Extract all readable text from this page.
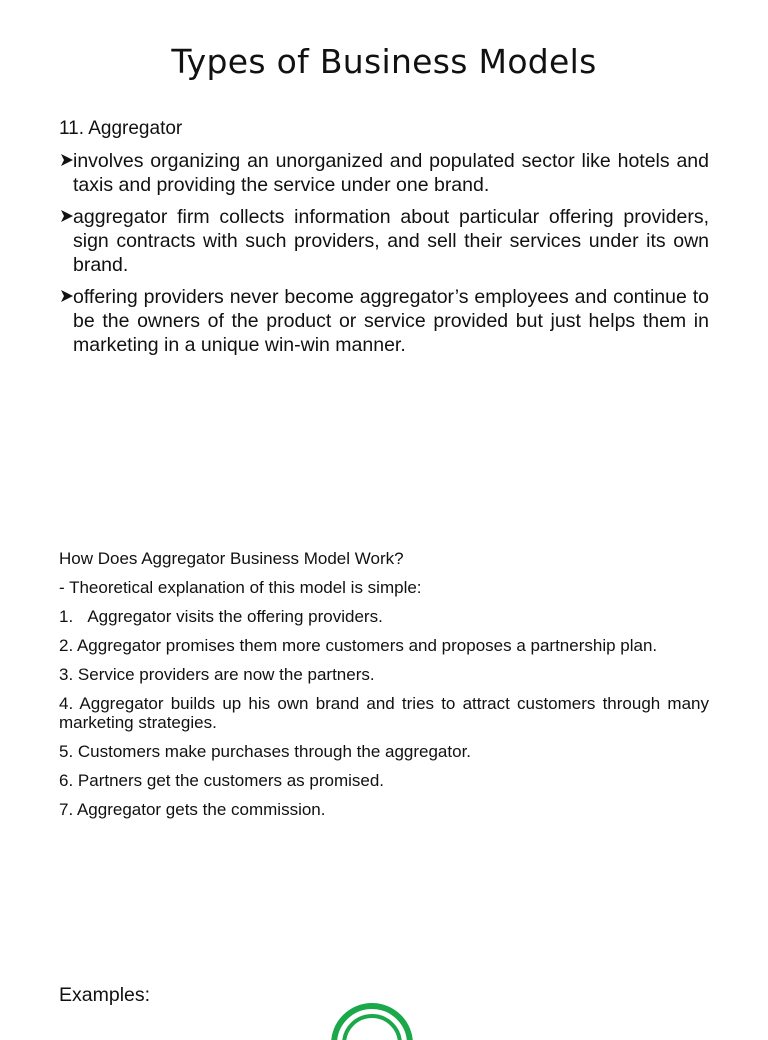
Types of Business Models
11. Aggregator
involves organizing an unorganized and populated sector like hotels and taxis and providing the service under one brand.
aggregator firm collects information about particular offering providers, sign contracts with such providers, and sell their services under its own brand.
offering providers never become aggregator’s employees and continue to be the owners of the product or service provided but just helps them in marketing in a unique win-win manner.

How Does Aggregator Business Model Work?

- Theoretical explanation of this model is simple:

1.   Aggregator visits the offering providers.

2. Aggregator promises them more customers and proposes a partnership plan.

3. Service providers are now the partners.

4. Aggregator builds up his own brand and tries to attract customers through many marketing strategies.

5. Customers make purchases through the aggregator.

6. Partners get the customers as promised.

7. Aggregator gets the commission.

Examples:
